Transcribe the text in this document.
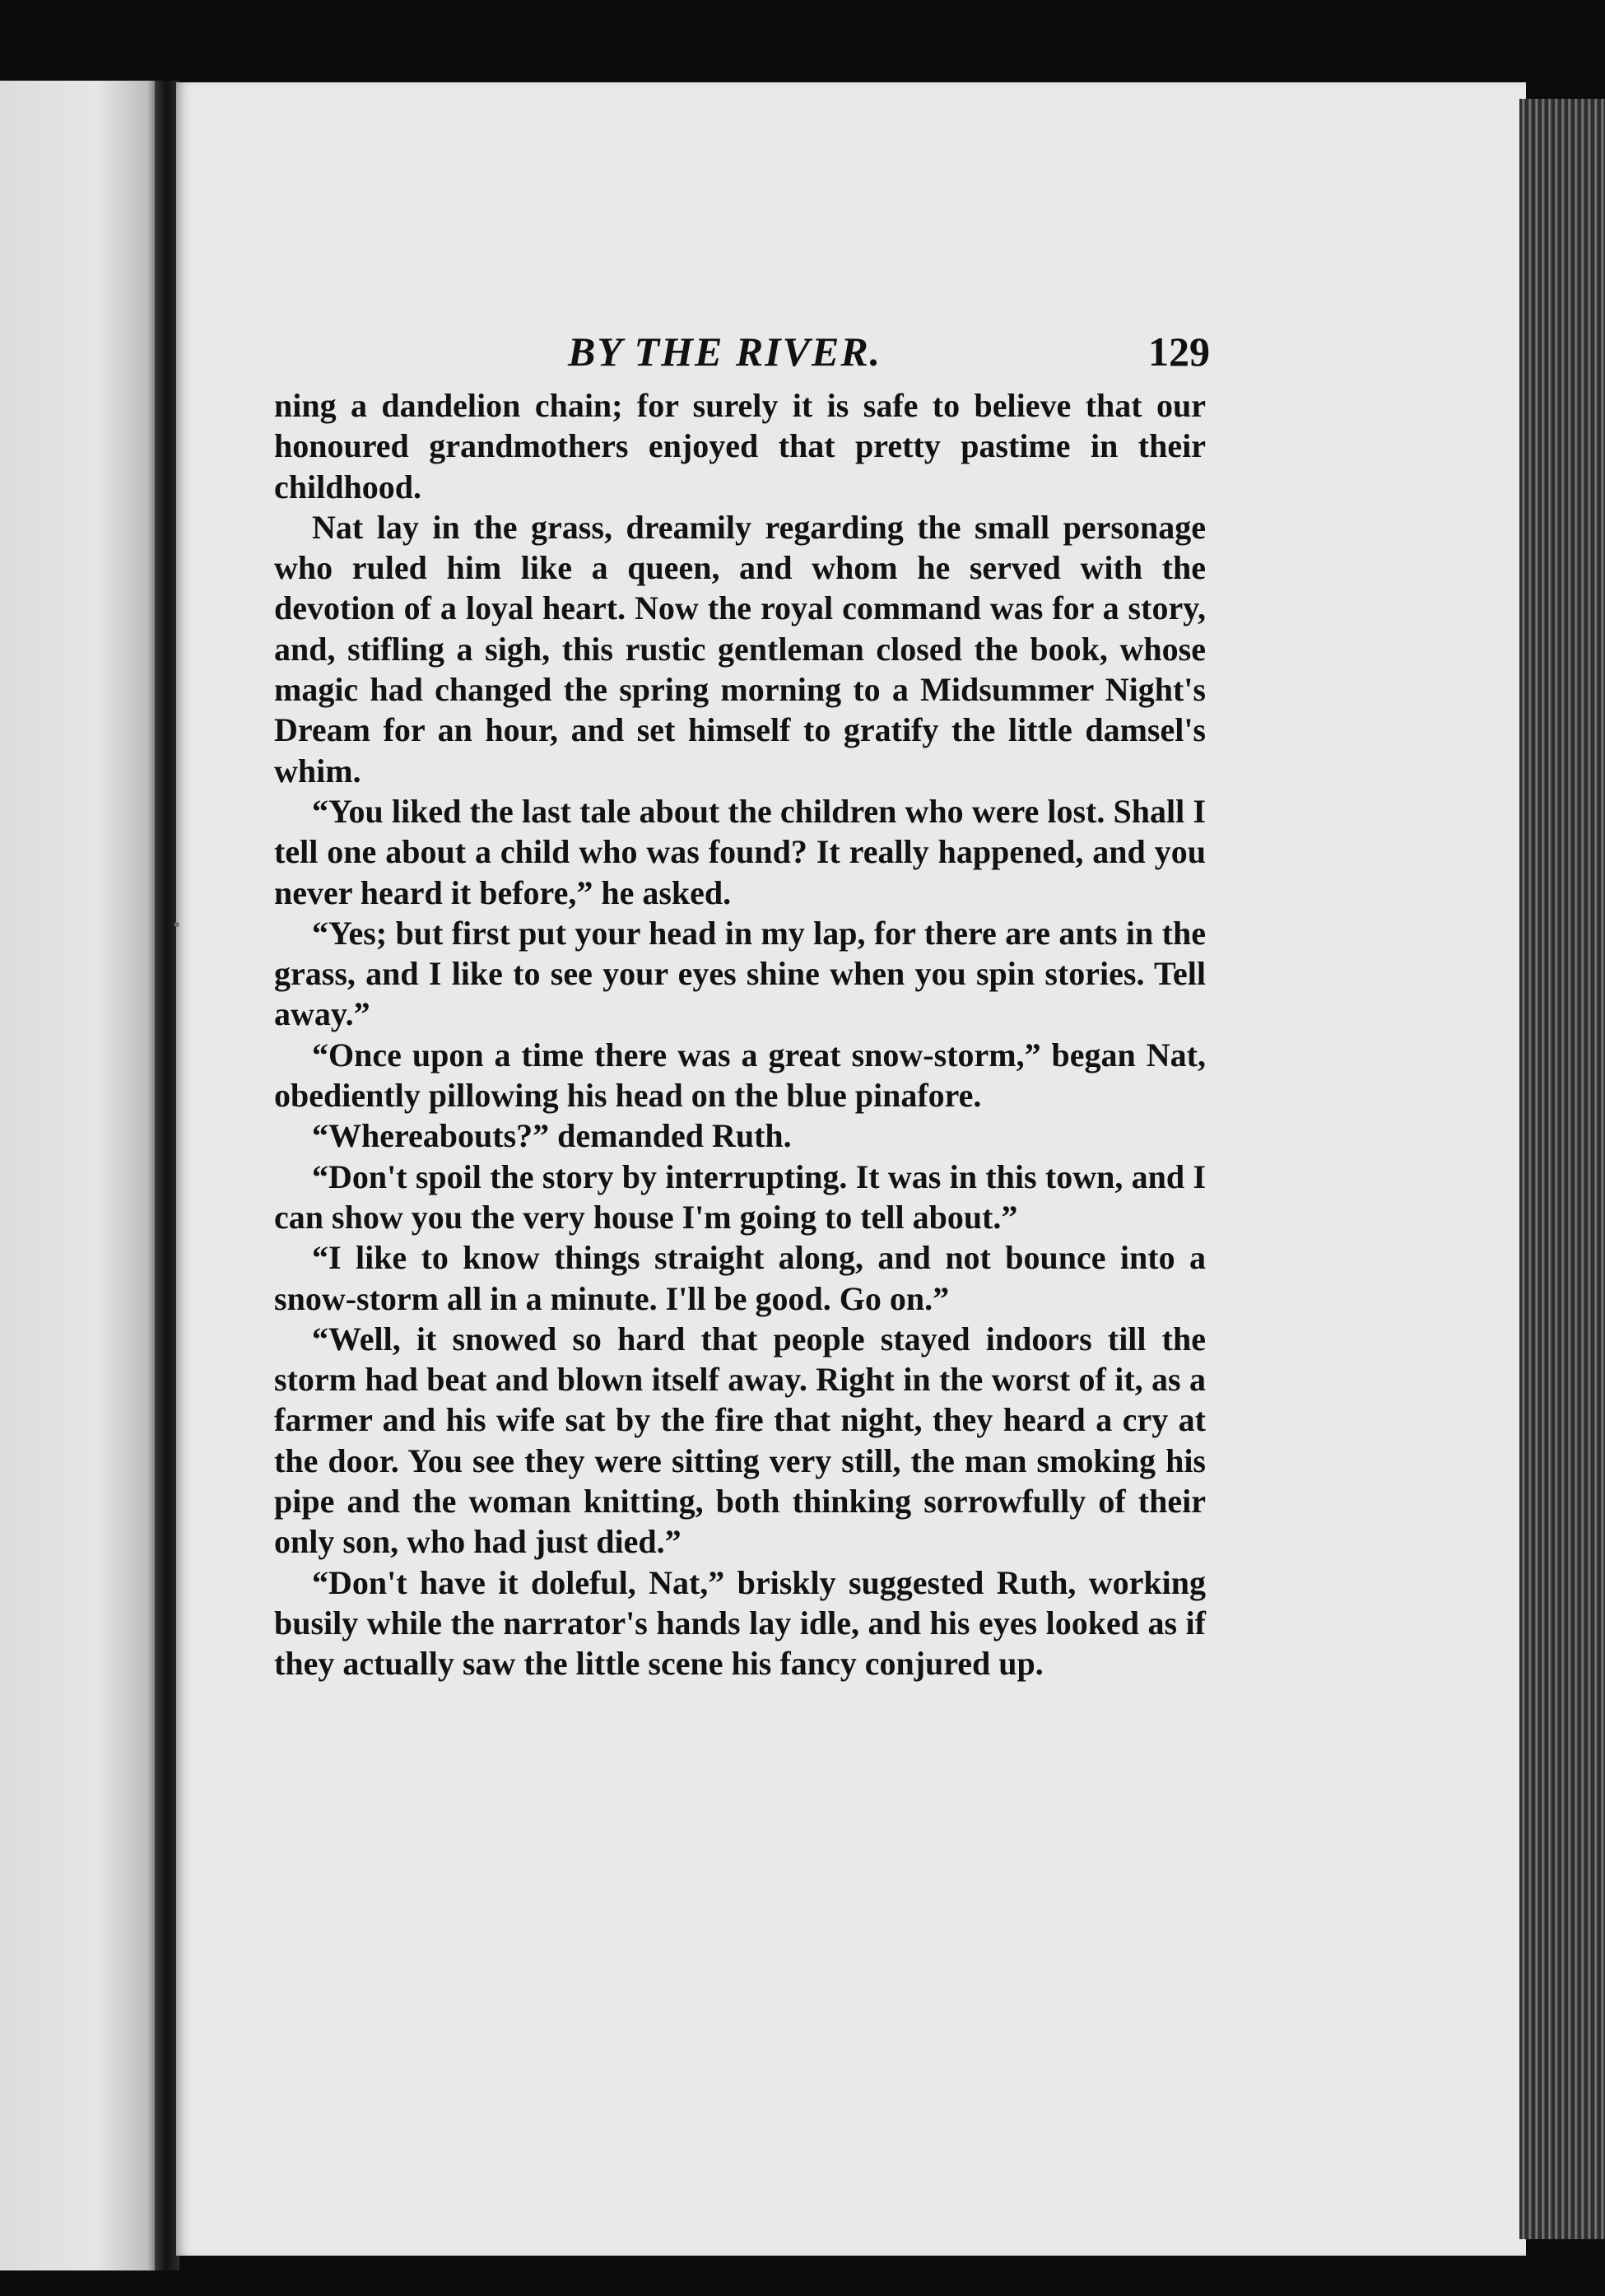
BY THE RIVER.	129

ning a dandelion chain; for surely it is safe to believe that our honoured grandmothers enjoyed that pretty pastime in their childhood.

Nat lay in the grass, dreamily regarding the small personage who ruled him like a queen, and whom he served with the devotion of a loyal heart. Now the royal command was for a story, and, stifling a sigh, this rustic gentleman closed the book, whose magic had changed the spring morning to a Midsummer Night's Dream for an hour, and set himself to gratify the little damsel's whim.

“You liked the last tale about the children who were lost. Shall I tell one about a child who was found? It really happened, and you never heard it before,” he asked.

“Yes; but first put your head in my lap, for there are ants in the grass, and I like to see your eyes shine when you spin stories. Tell away.”

“Once upon a time there was a great snow-storm,” began Nat, obediently pillowing his head on the blue pinafore.

“Whereabouts?” demanded Ruth.

“Don't spoil the story by interrupting. It was in this town, and I can show you the very house I'm going to tell about.”

“I like to know things straight along, and not bounce into a snow-storm all in a minute. I'll be good. Go on.”

“Well, it snowed so hard that people stayed indoors till the storm had beat and blown itself away. Right in the worst of it, as a farmer and his wife sat by the fire that night, they heard a cry at the door. You see they were sitting very still, the man smoking his pipe and the woman knitting, both thinking sorrowfully of their only son, who had just died.”

“Don't have it doleful, Nat,” briskly suggested Ruth, working busily while the narrator's hands lay idle, and his eyes looked as if they actually saw the little scene his fancy conjured up.
